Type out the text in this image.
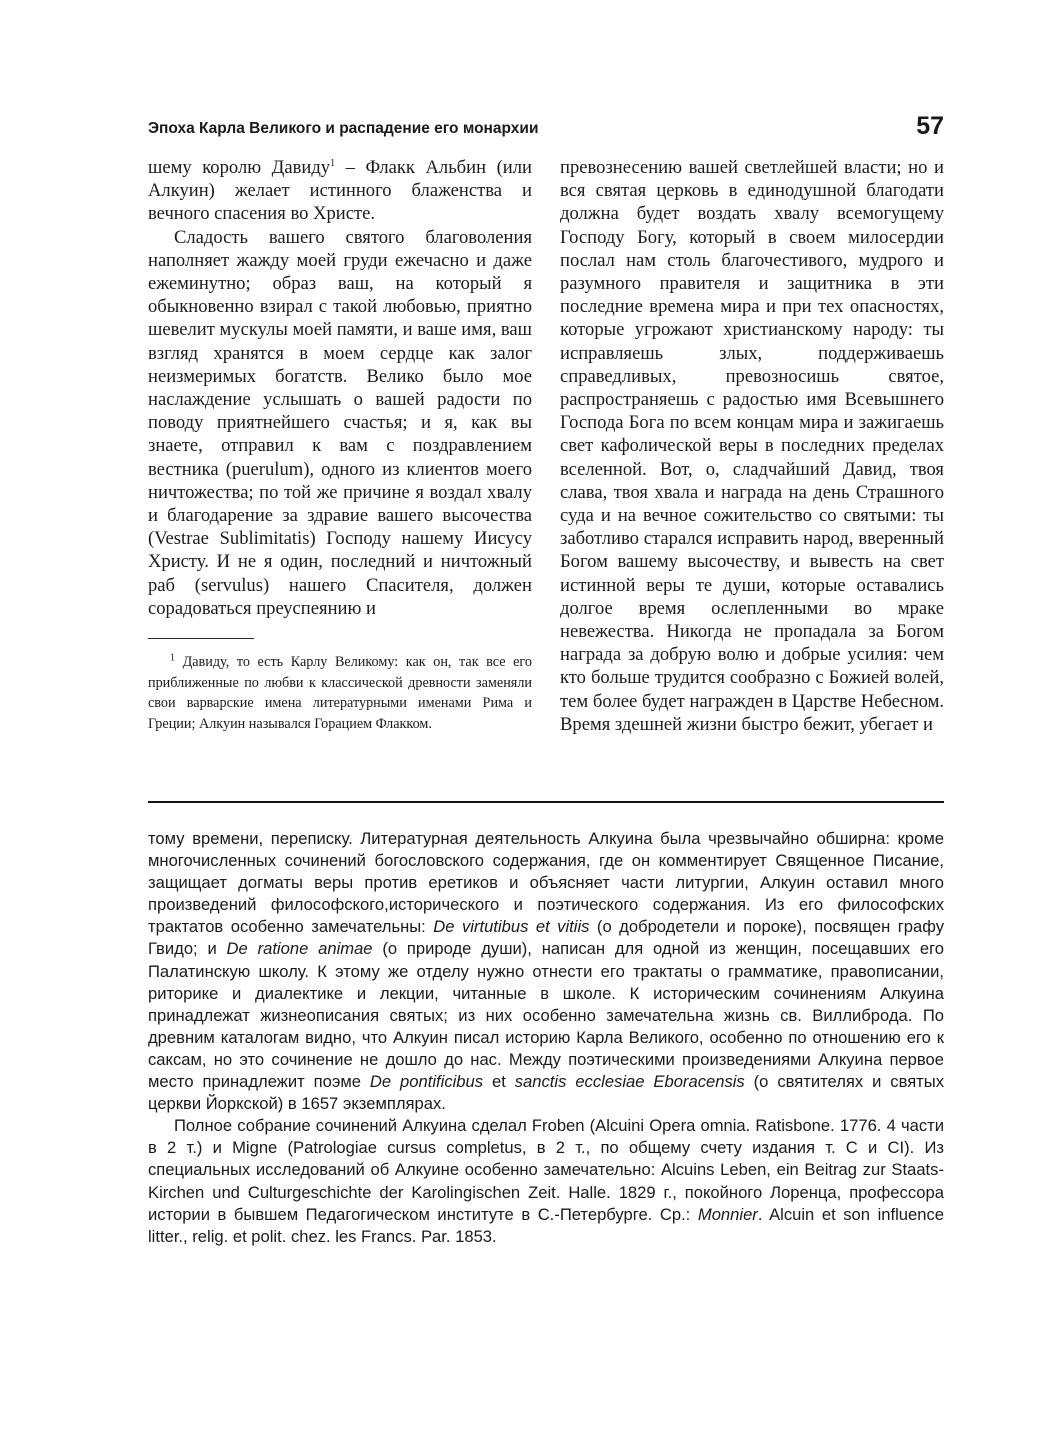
Эпоха Карла Великого и распадение его монархии	57

шему королю Давиду$^1$ – Флакк Альбин (или Алкуин) желает истинного блаженства и вечного спасения во Христе.

Сладость вашего святого благоволения наполняет жажду моей груди ежечасно и даже ежеминутно; образ ваш, на который я обыкновенно взирал с такой любовью, приятно шевелит мускулы моей памяти, и ваше имя, ваш взгляд хранятся в моем сердце как залог неизмеримых богатств. Велико было мое наслаждение услышать о вашей радости по поводу приятнейшего счастья; и я, как вы знаете, отправил к вам с поздравлением вестника (puerulum), одного из клиентов моего ничтожества; по той же причине я воздал хвалу и благодарение за здравие вашего высочества (Vestrae Sublimitatis) Господу нашему Иисусу Христу. И не я один, последний и ничтожный раб (servulus) нашего Спасителя, должен сорадоваться преуспеянию и

превознесению вашей светлейшей власти; но и вся святая церковь в единодушной благодати должна будет воздать хвалу всемогущему Господу Богу, который в своем милосердии послал нам столь благочестивого, мудрого и разумного правителя и защитника в эти последние времена мира и при тех опасностях, которые угрожают христианскому народу: ты исправляешь злых, поддерживаешь справедливых, превозносишь святое, распространяешь с радостью имя Всевышнего Господа Бога по всем концам мира и зажигаешь свет кафолической веры в последних пределах вселенной. Вот, о, сладчайший Давид, твоя слава, твоя хвала и награда на день Страшного суда и на вечное сожительство со святыми: ты заботливо старался исправить народ, вверенный Богом вашему высочеству, и вывесть на свет истинной веры те души, которые оставались долгое время ослепленными во мраке невежества. Никогда не пропадала за Богом награда за добрую волю и добрые усилия: чем кто больше трудится сообразно с Божией волей, тем более будет награжден в Царстве Небесном. Время здешней жизни быстро бежит, убегает и

$^1$ Давиду, то есть Карлу Великому: как он, так все его приближенные по любви к классической древности заменяли свои варварские имена литературными именами Рима и Греции; Алкуин назывался Горацием Флакком.

тому времени, переписку. Литературная деятельность Алкуина была чрезвычайно обширна: кроме многочисленных сочинений богословского содержания, где он комментирует Священное Писание, защищает догматы веры против еретиков и объясняет части литургии, Алкуин оставил много произведений философского,исторического и поэтического содержания. Из его философских трактатов особенно замечательны: De virtutibus et vitiis (о добродетели и пороке), посвящен графу Гвидо; и De ratione animae (о природе души), написан для одной из женщин, посещавших его Палатинскую школу. К этому же отделу нужно отнести его трактаты о грамматике, правописании, риторике и диалектике и лекции, читанные в школе. К историческим сочинениям Алкуина принадлежат жизнеописания святых; из них особенно замечательна жизнь св. Виллиброда. По древним каталогам видно, что Алкуин писал историю Карла Великого, особенно по отношению его к саксам, но это сочинение не дошло до нас. Между поэтическими произведениями Алкуина первое место принадлежит поэме De pontificibus et sanctis ecclesiae Eboracensis (о святителях и святых церкви Йоркской) в 1657 экземплярах.

Полное собрание сочинений Алкуина сделал Froben (Alcuini Opera omnia. Ratisbone. 1776. 4 части в 2 т.) и Migne (Patrologiae cursus completus, в 2 т., по общему счету издания т. C и CI). Из специальных исследований об Алкуине особенно замечательно: Alcuins Leben, ein Beitrag zur Staats-Kirchen und Culturgeschichte der Karolingischen Zeit. Halle. 1829 г., покойного Лоренца, профессора истории в бывшем Педагогическом институте в С.-Петербурге. Ср.: Monnier. Alcuin et son influence litter., relig. et polit. chez. les Francs. Par. 1853.
